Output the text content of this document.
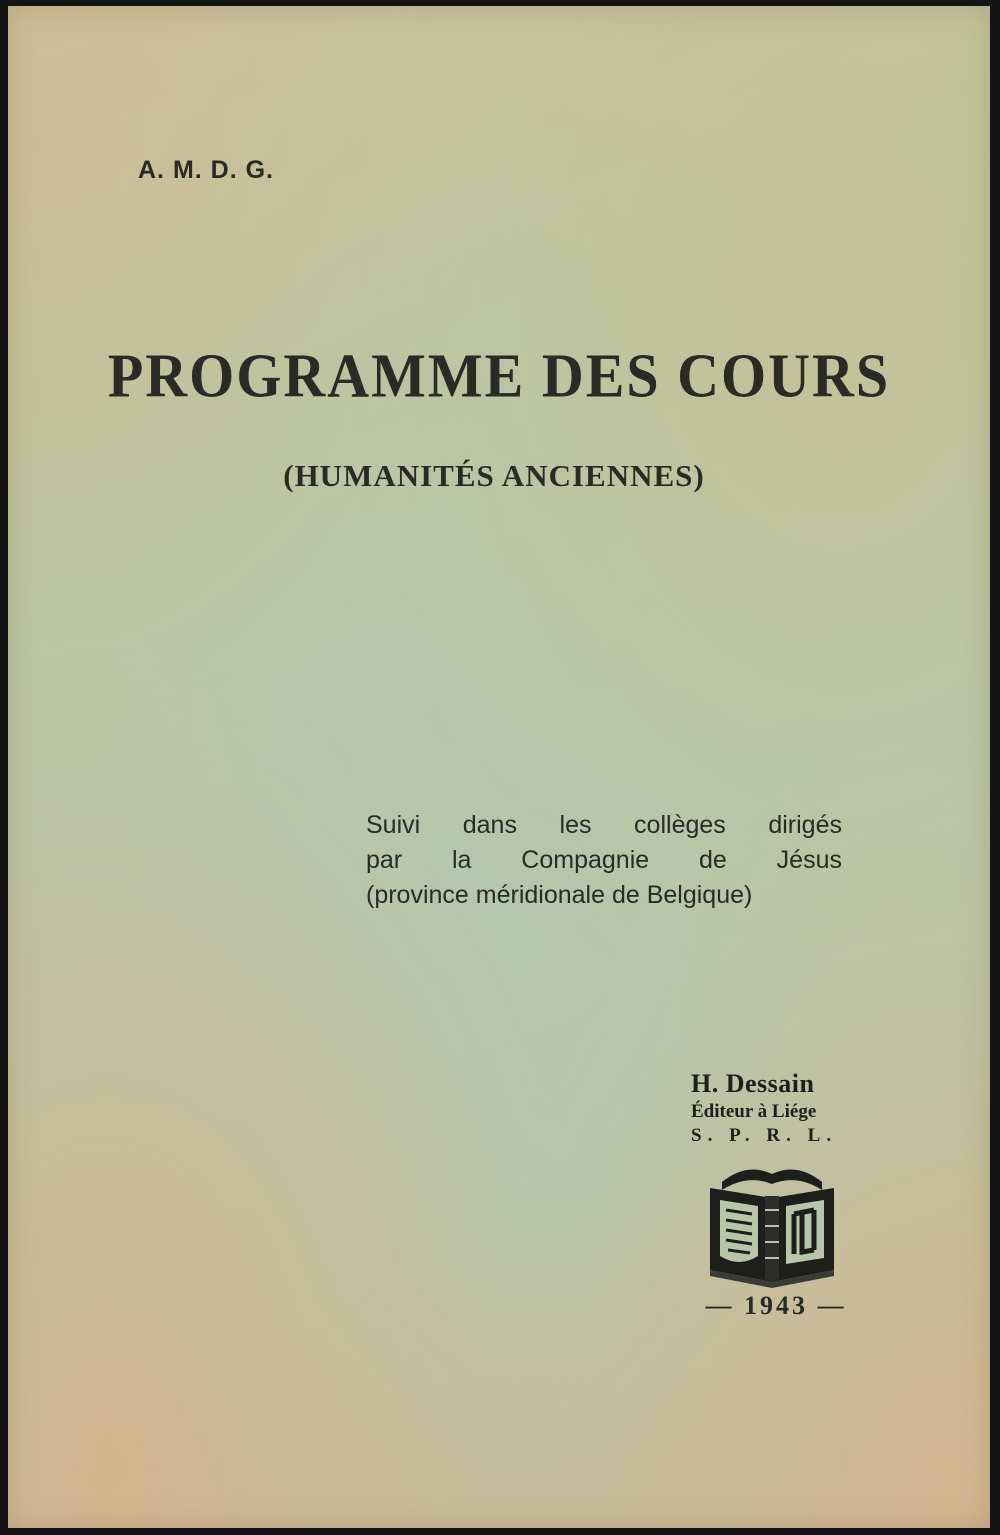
A. M. D. G.

PROGRAMME DES COURS
(HUMANITÉS ANCIENNES)
Suivi dans les collèges dirigés
par la Compagnie de Jésus
(province méridionale de Belgique)
H. Dessain
Éditeur à Liége
S. P. R. L.

— 1943 —
